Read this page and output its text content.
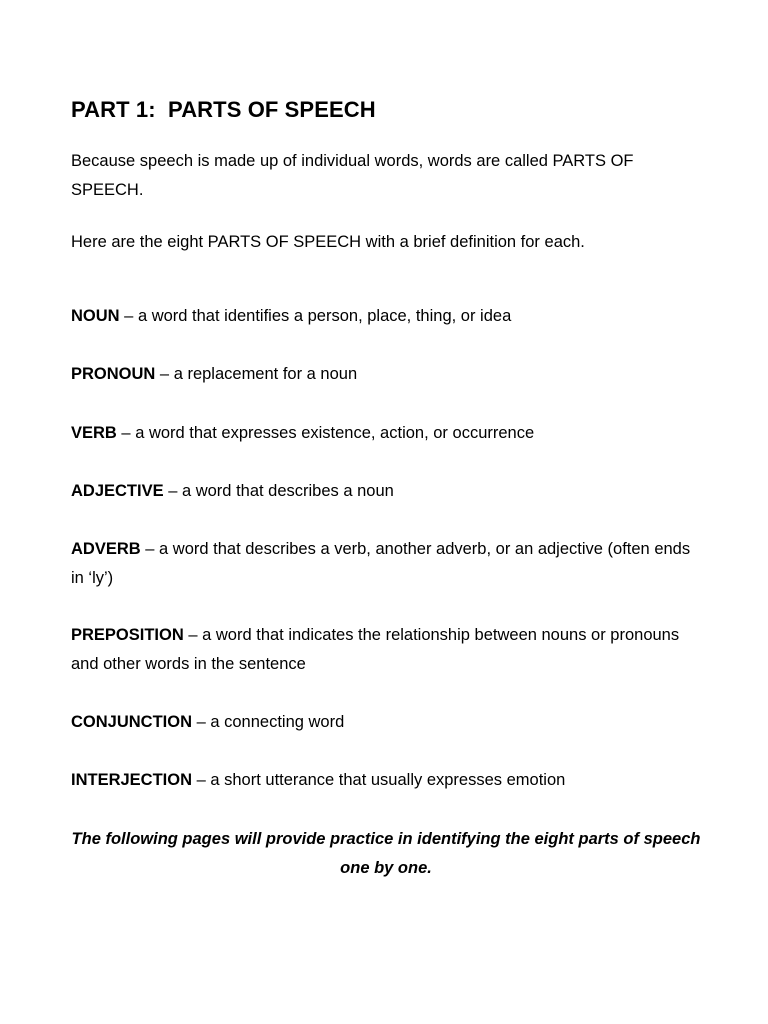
PART 1:  PARTS OF SPEECH

Because speech is made up of individual words, words are called PARTS OF SPEECH.

Here are the eight PARTS OF SPEECH with a brief definition for each.

NOUN – a word that identifies a person, place, thing, or idea

PRONOUN – a replacement for a noun

VERB – a word that expresses existence, action, or occurrence

ADJECTIVE – a word that describes a noun

ADVERB – a word that describes a verb, another adverb, or an adjective (often ends in ‘ly’)

PREPOSITION – a word that indicates the relationship between nouns or pronouns and other words in the sentence

CONJUNCTION – a connecting word

INTERJECTION – a short utterance that usually expresses emotion

The following pages will provide practice in identifying the eight parts of speech one by one.
